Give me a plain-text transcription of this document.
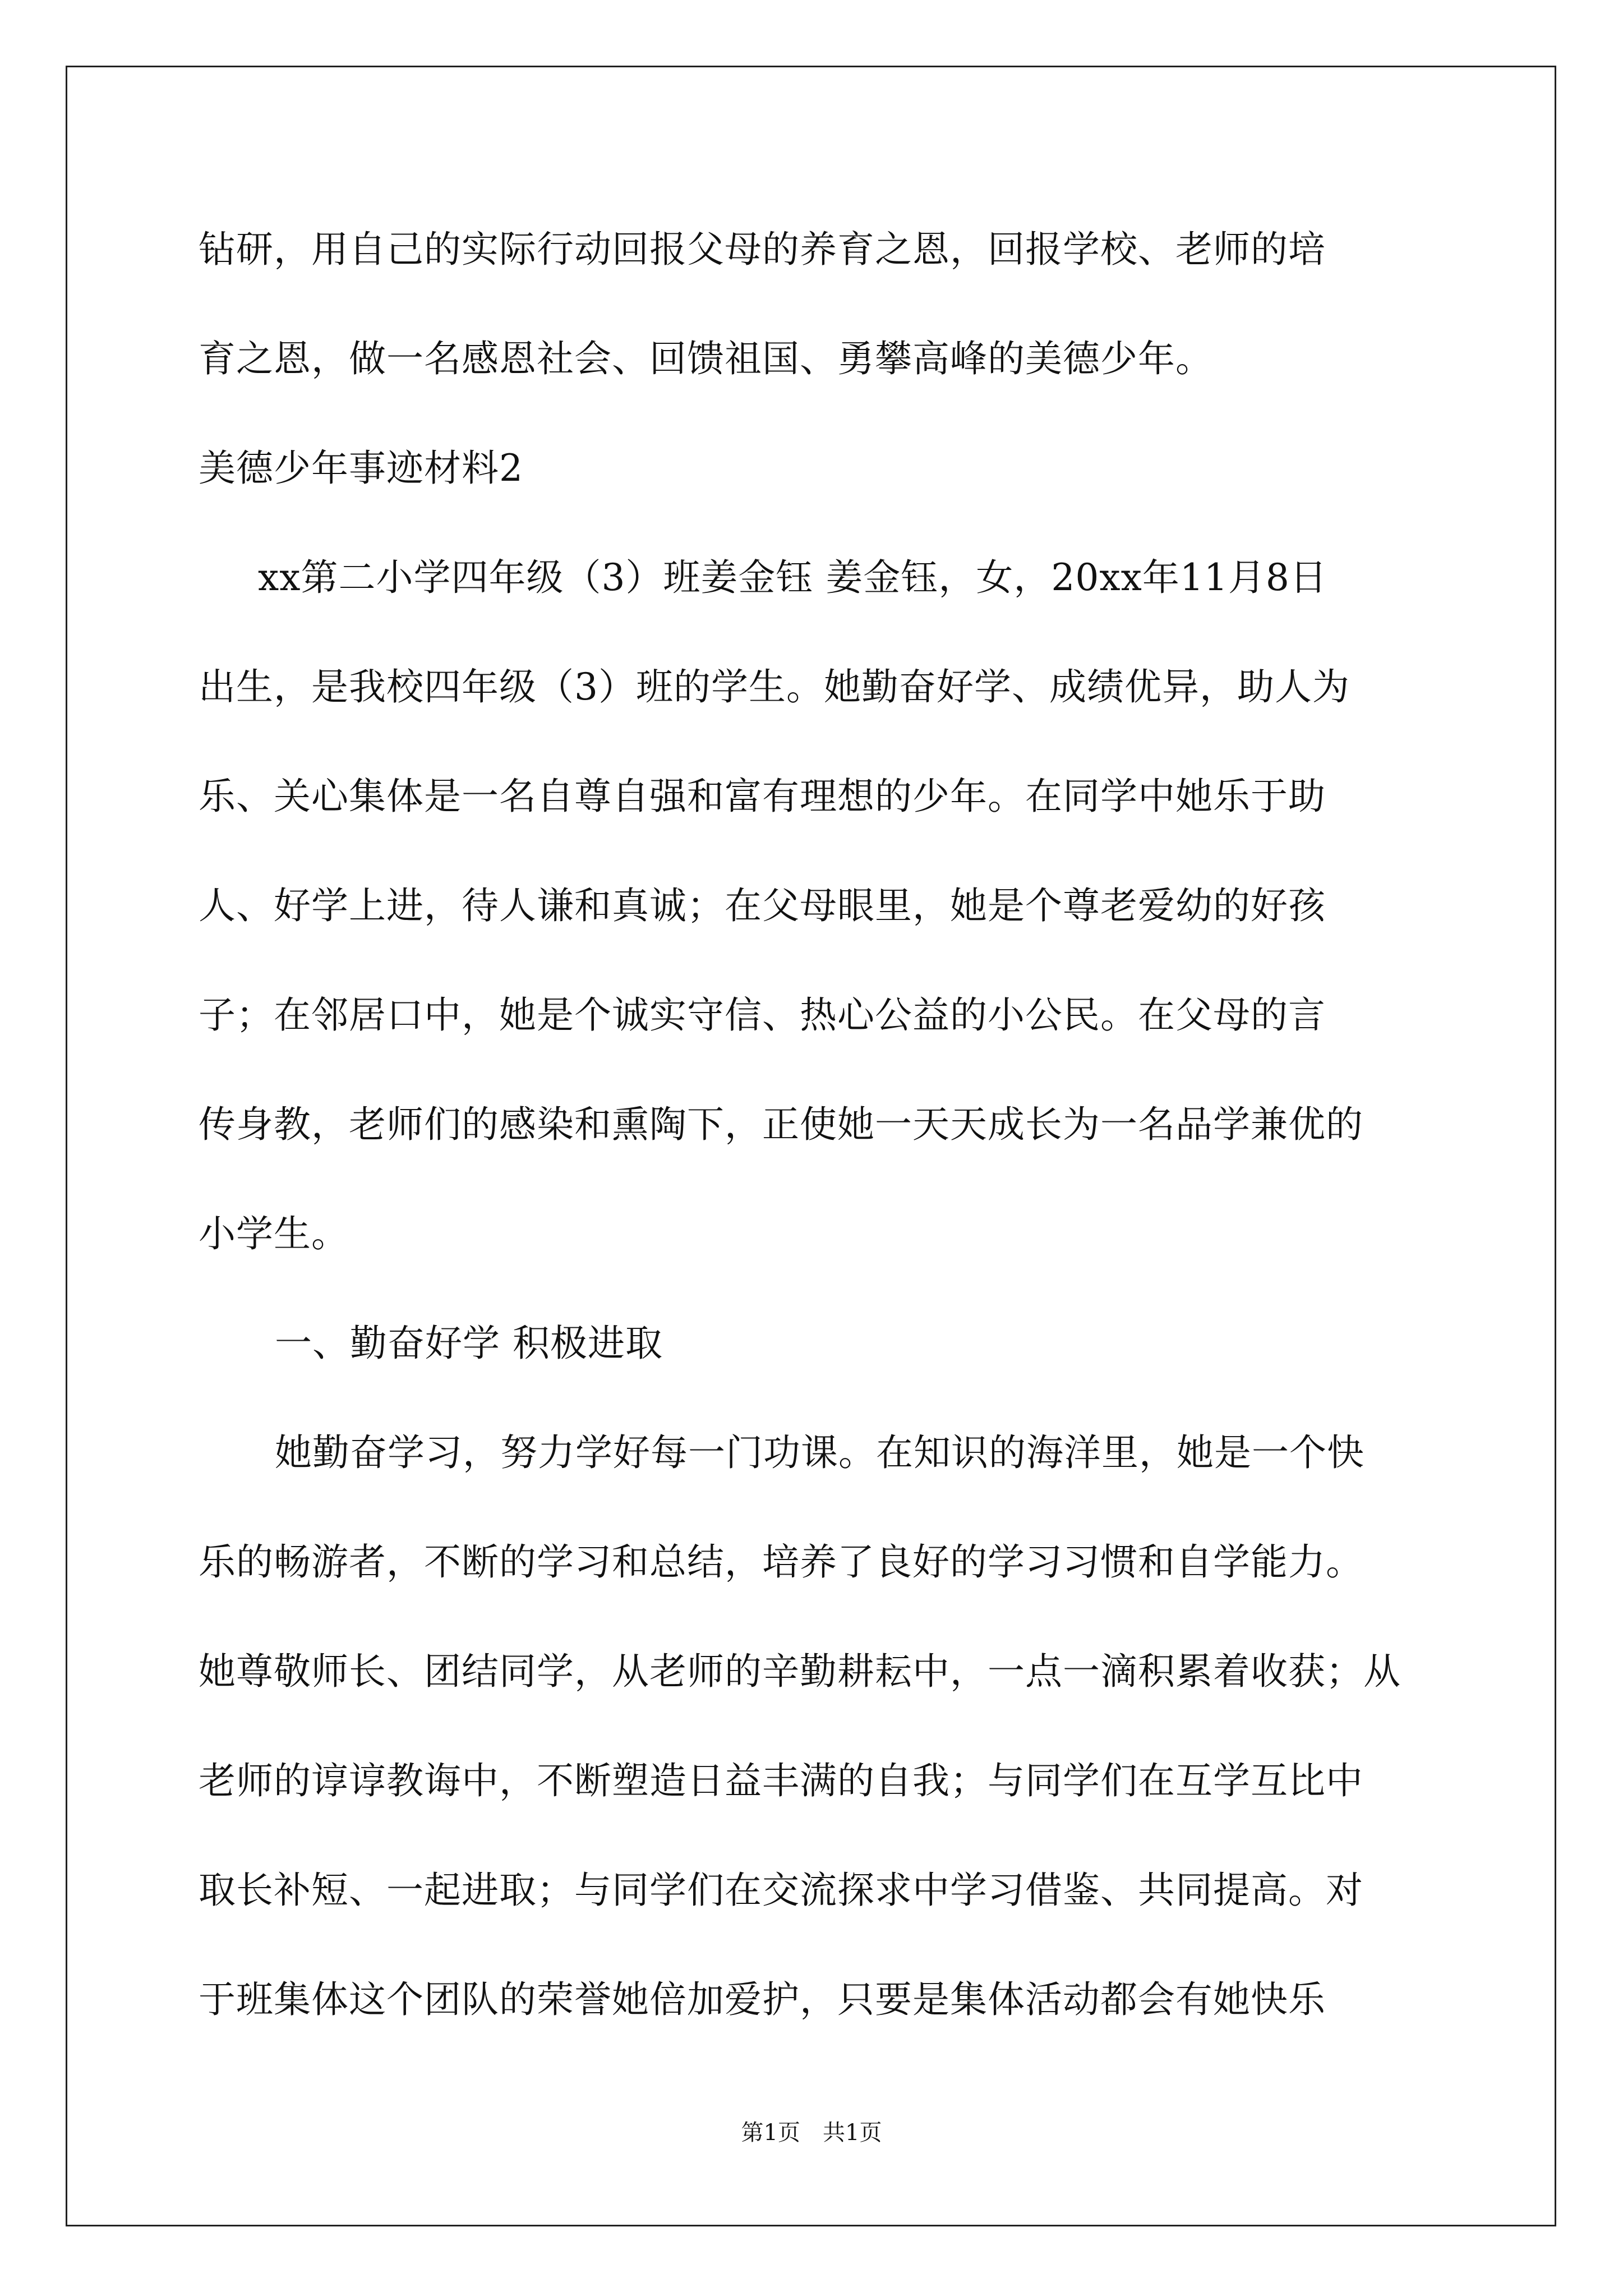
钻研，用自己的实际行动回报父母的养育之恩，回报学校、老师的培
育之恩，做一名感恩社会、回馈祖国、勇攀高峰的美德少年。
美德少年事迹材料2
xx第二小学四年级（3）班姜金钰 姜金钰，女，20xx年11月8日
出生，是我校四年级（3）班的学生。她勤奋好学、成绩优异，助人为
乐、关心集体是一名自尊自强和富有理想的少年。在同学中她乐于助
人、好学上进，待人谦和真诚；在父母眼里，她是个尊老爱幼的好孩
子；在邻居口中，她是个诚实守信、热心公益的小公民。在父母的言
传身教，老师们的感染和熏陶下，正使她一天天成长为一名品学兼优的
小学生。
一、勤奋好学 积极进取
她勤奋学习，努力学好每一门功课。在知识的海洋里，她是一个快
乐的畅游者，不断的学习和总结，培养了良好的学习习惯和自学能力。
她尊敬师长、团结同学，从老师的辛勤耕耘中，一点一滴积累着收获；从
老师的谆谆教诲中，不断塑造日益丰满的自我；与同学们在互学互比中
取长补短、一起进取；与同学们在交流探求中学习借鉴、共同提高。对
于班集体这个团队的荣誉她倍加爱护，只要是集体活动都会有她快乐
第1页　共1页
